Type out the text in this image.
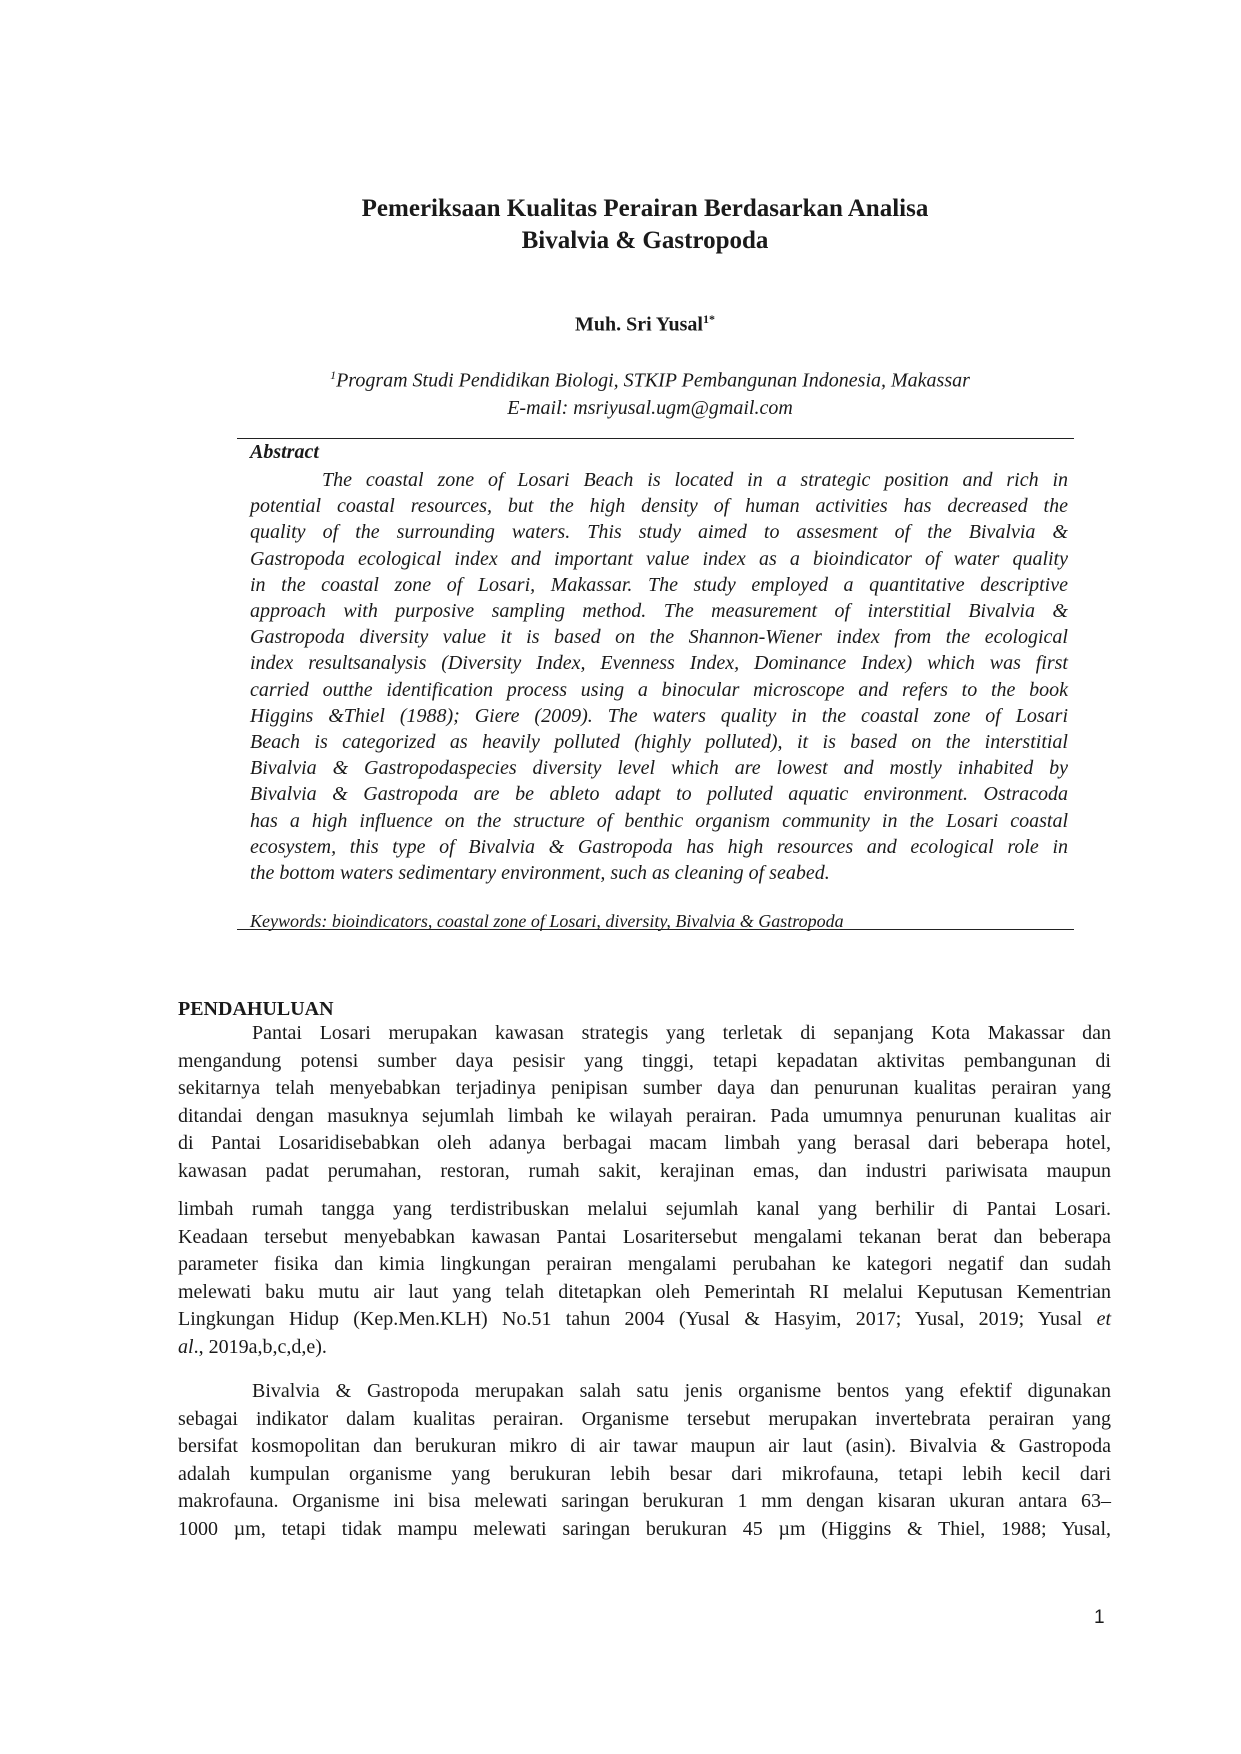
Pemeriksaan Kualitas Perairan Berdasarkan Analisa
Bivalvia & Gastropoda
Muh. Sri Yusal$^{1*}$
$^1$Program Studi Pendidikan Biologi, STKIP Pembangunan Indonesia, Makassar
E-mail: msriyusal.ugm@gmail.com
Abstract
The coastal zone of Losari Beach is located in a strategic position and rich in
potential coastal resources, but the high density of human activities has decreased the
quality of the surrounding waters. This study aimed to assesment of the Bivalvia &
Gastropoda ecological index and important value index as a bioindicator of water quality
in the coastal zone of Losari, Makassar. The study employed a quantitative descriptive
approach with purposive sampling method. The measurement of interstitial Bivalvia &
Gastropoda diversity value it is based on the Shannon-Wiener index from the ecological
index resultsanalysis (Diversity Index, Evenness Index, Dominance Index) which was first
carried outthe identification process using a binocular microscope and refers to the book
Higgins &Thiel (1988); Giere (2009). The waters quality in the coastal zone of Losari
Beach is categorized as heavily polluted (highly polluted), it is based on the interstitial
Bivalvia & Gastropodaspecies diversity level which are lowest and mostly inhabited by
Bivalvia & Gastropoda are be ableto adapt to polluted aquatic environment. Ostracoda
has a high influence on the structure of benthic organism community in the Losari coastal
ecosystem, this type of Bivalvia & Gastropoda has high resources and ecological role in
the bottom waters sedimentary environment, such as cleaning of seabed.
Keywords: bioindicators, coastal zone of Losari, diversity, Bivalvia & Gastropoda
PENDAHULUAN
Pantai Losari merupakan kawasan strategis yang terletak di sepanjang Kota Makassar dan
mengandung potensi sumber daya pesisir yang tinggi, tetapi kepadatan aktivitas pembangunan di
sekitarnya telah menyebabkan terjadinya penipisan sumber daya dan penurunan kualitas perairan yang
ditandai dengan masuknya sejumlah limbah ke wilayah perairan. Pada umumnya penurunan kualitas air
di Pantai Losaridisebabkan oleh adanya berbagai macam limbah yang berasal dari beberapa hotel,
kawasan padat perumahan, restoran, rumah sakit, kerajinan emas, dan industri pariwisata maupun
limbah rumah tangga yang terdistribuskan melalui sejumlah kanal yang berhilir di Pantai Losari.
Keadaan tersebut menyebabkan kawasan Pantai Losaritersebut mengalami tekanan berat dan beberapa
parameter fisika dan kimia lingkungan perairan mengalami perubahan ke kategori negatif dan sudah
melewati baku mutu air laut yang telah ditetapkan oleh Pemerintah RI melalui Keputusan Kementrian
Lingkungan Hidup (Kep.Men.KLH) No.51 tahun 2004 (Yusal & Hasyim, 2017; Yusal, 2019; Yusal et
al., 2019a,b,c,d,e).
Bivalvia & Gastropoda merupakan salah satu jenis organisme bentos yang efektif digunakan
sebagai indikator dalam kualitas perairan. Organisme tersebut merupakan invertebrata perairan yang
bersifat kosmopolitan dan berukuran mikro di air tawar maupun air laut (asin). Bivalvia & Gastropoda
adalah kumpulan organisme yang berukuran lebih besar dari mikrofauna, tetapi lebih kecil dari
makrofauna. Organisme ini bisa melewati saringan berukuran 1 mm dengan kisaran ukuran antara 63–
1000 µm, tetapi tidak mampu melewati saringan berukuran 45 µm (Higgins & Thiel, 1988; Yusal,
1
